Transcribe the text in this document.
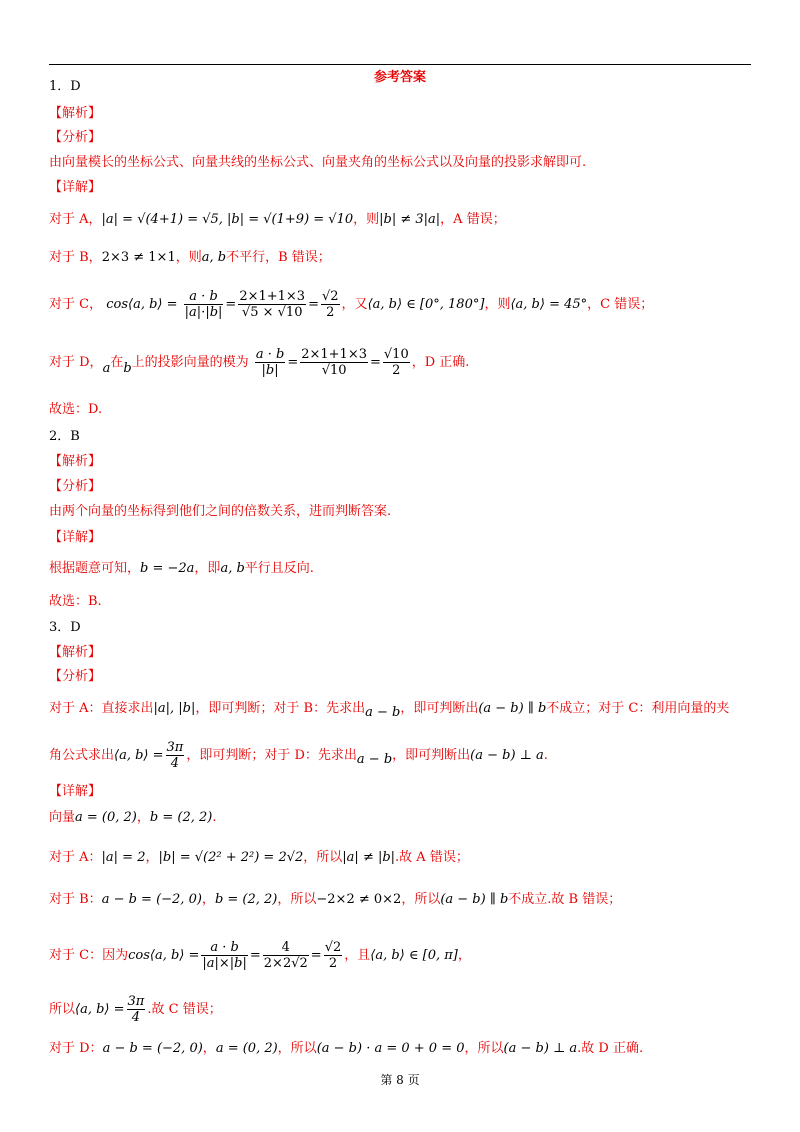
参考答案
1．D
【解析】
【分析】
由向量模长的坐标公式、向量共线的坐标公式、向量夹角的坐标公式以及向量的投影求解即可.
【详解】
对于 A，|a| = √(4+1) = √5, |b| = √(1+9) = √10，则|b| ≠ 3|a|，A 错误；
对于 B，2×3 ≠ 1×1，则a, b不平行，B 错误；
对于 C， cos⟨a, b⟩ = $\frac{a \cdot b}{|a|\cdot|b|} = \frac{2\times 1+1\times 3}{√5 \times √10} = \frac{√2}{2}$ ，又⟨a, b⟩ ∈ [0°, 180°]，则⟨a, b⟩ = 45°，C 错误；
对于 D，a在b上的投影向量的模为 $\frac{a \cdot b}{|b|} = \frac{2\times 1+1\times 3}{√10} = \frac{√10}{2}$ ，D 正确.
故选：D.
2．B
【解析】
【分析】
由两个向量的坐标得到他们之间的倍数关系，进而判断答案.
【详解】
根据题意可知，b = −2a，即a, b平行且反向.
故选：B.
3．D
【解析】
【分析】
对于 A：直接求出|a|, |b|，即可判断；对于 B：先求出a − b，即可判断出(a − b) ∥ b不成立；对于 C：利用向量的夹
角公式求出⟨a, b⟩ = $\frac{3\pi}{4}$ ，即可判断；对于 D：先求出a − b，即可判断出(a − b) ⊥ a.
【详解】
向量a = (0, 2)，b = (2, 2).
对于 A：|a| = 2，|b| = √(2² + 2²) = 2√2，所以|a| ≠ |b|.故 A 错误；
对于 B：a − b = (−2, 0)，b = (2, 2)，所以−2×2 ≠ 0×2，所以(a − b) ∥ b不成立.故 B 错误；
对于 C：因为cos⟨a, b⟩ = $\frac{a \cdot b}{|a|\times|b|} = \frac{4}{2\times 2√2} = \frac{√2}{2}$ ，且⟨a, b⟩ ∈ [0, π]，
所以⟨a, b⟩ = $\frac{3\pi}{4}$ .故 C 错误；
对于 D：a − b = (−2, 0)，a = (0, 2)，所以(a − b) · a = 0 + 0 = 0，所以(a − b) ⊥ a.故 D 正确.
第 8 页
